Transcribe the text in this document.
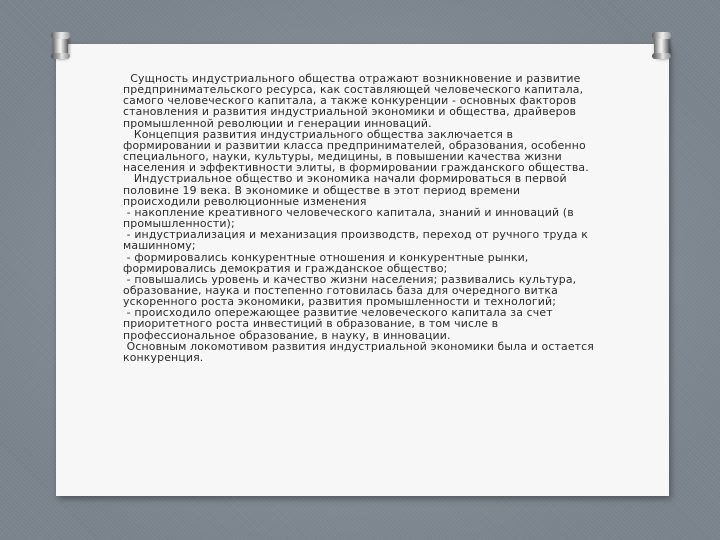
Сущность индустриального общества отражают возникновение и развитие предпринимательского ресурса, как составляющей человеческого капитала, самого человеческого капитала, а также конкуренции - основных факторов становления и развития индустриальной экономики и общества, драйверов промышленной революции и генерации инноваций.

Концепция развития индустриального общества заключается в формировании и развитии класса предпринимателей, образования, особенно специального, науки, культуры, медицины, в повышении качества жизни населения и эффективности элиты, в формировании гражданского общества.

Индустриальное общество и экономика начали формироваться в первой половине 19 века. В экономике и обществе в этот период времени происходили революционные изменения

- накопление креативного человеческого капитала, знаний и инноваций (в промышленности);

- индустриализация и механизация производств, переход от ручного труда к машинному;

- формировались конкурентные отношения и конкурентные рынки, формировались демократия и гражданское общество;

- повышались уровень и качество жизни населения; развивались культура, образование, наука и постепенно готовилась база для очередного витка ускоренного роста экономики, развития промышленности и технологий;

- происходило опережающее развитие человеческого капитала за счет приоритетного роста инвестиций в образование, в том числе в профессиональное образование, в науку, в инновации.

Основным локомотивом развития индустриальной экономики была и остается конкуренция.
